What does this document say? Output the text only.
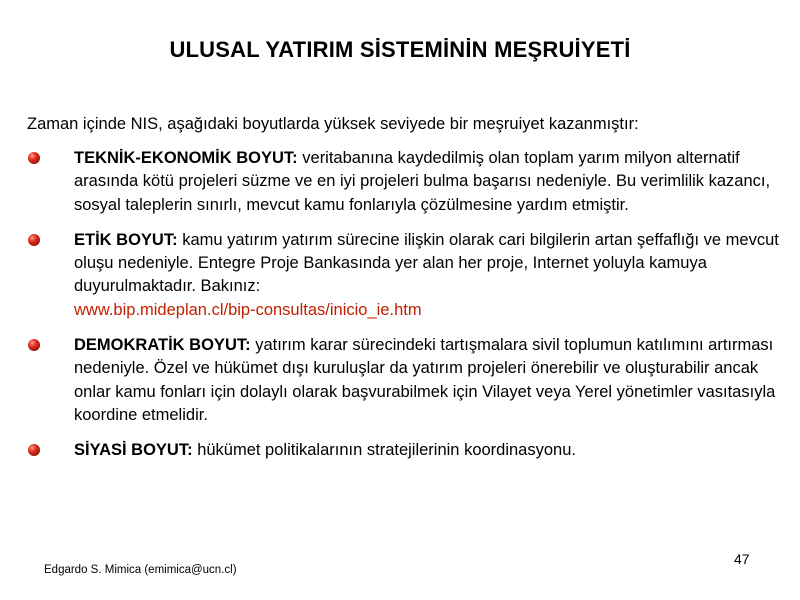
ULUSAL YATIRIM SİSTEMİNİN MEŞRUİYETİ
Zaman içinde NIS, aşağıdaki boyutlarda yüksek seviyede bir meşruiyet kazanmıştır:
TEKNİK-EKONOMİK BOYUT: veritabanına kaydedilmiş olan toplam yarım milyon alternatif arasında kötü projeleri süzme ve en iyi projeleri bulma başarısı nedeniyle. Bu verimlilik kazancı, sosyal taleplerin sınırlı, mevcut kamu fonlarıyla çözülmesine yardım etmiştir.
ETİK BOYUT: kamu yatırım yatırım sürecine ilişkin olarak cari bilgilerin artan şeffaflığı ve mevcut oluşu nedeniyle. Entegre Proje Bankasında yer alan her proje, Internet yoluyla kamuya duyurulmaktadır. Bakınız:
www.bip.mideplan.cl/bip-consultas/inicio_ie.htm
DEMOKRATİK BOYUT: yatırım karar sürecindeki tartışmalara sivil toplumun katılımını artırması nedeniyle. Özel ve hükümet dışı kuruluşlar da yatırım projeleri önerebilir ve oluşturabilir ancak onlar kamu fonları için dolaylı olarak başvurabilmek için Vilayet veya Yerel yönetimler vasıtasıyla koordine etmelidir.
SİYASİ BOYUT: hükümet politikalarının stratejilerinin koordinasyonu.
Edgardo S. Mimica (emimica@ucn.cl)
47
